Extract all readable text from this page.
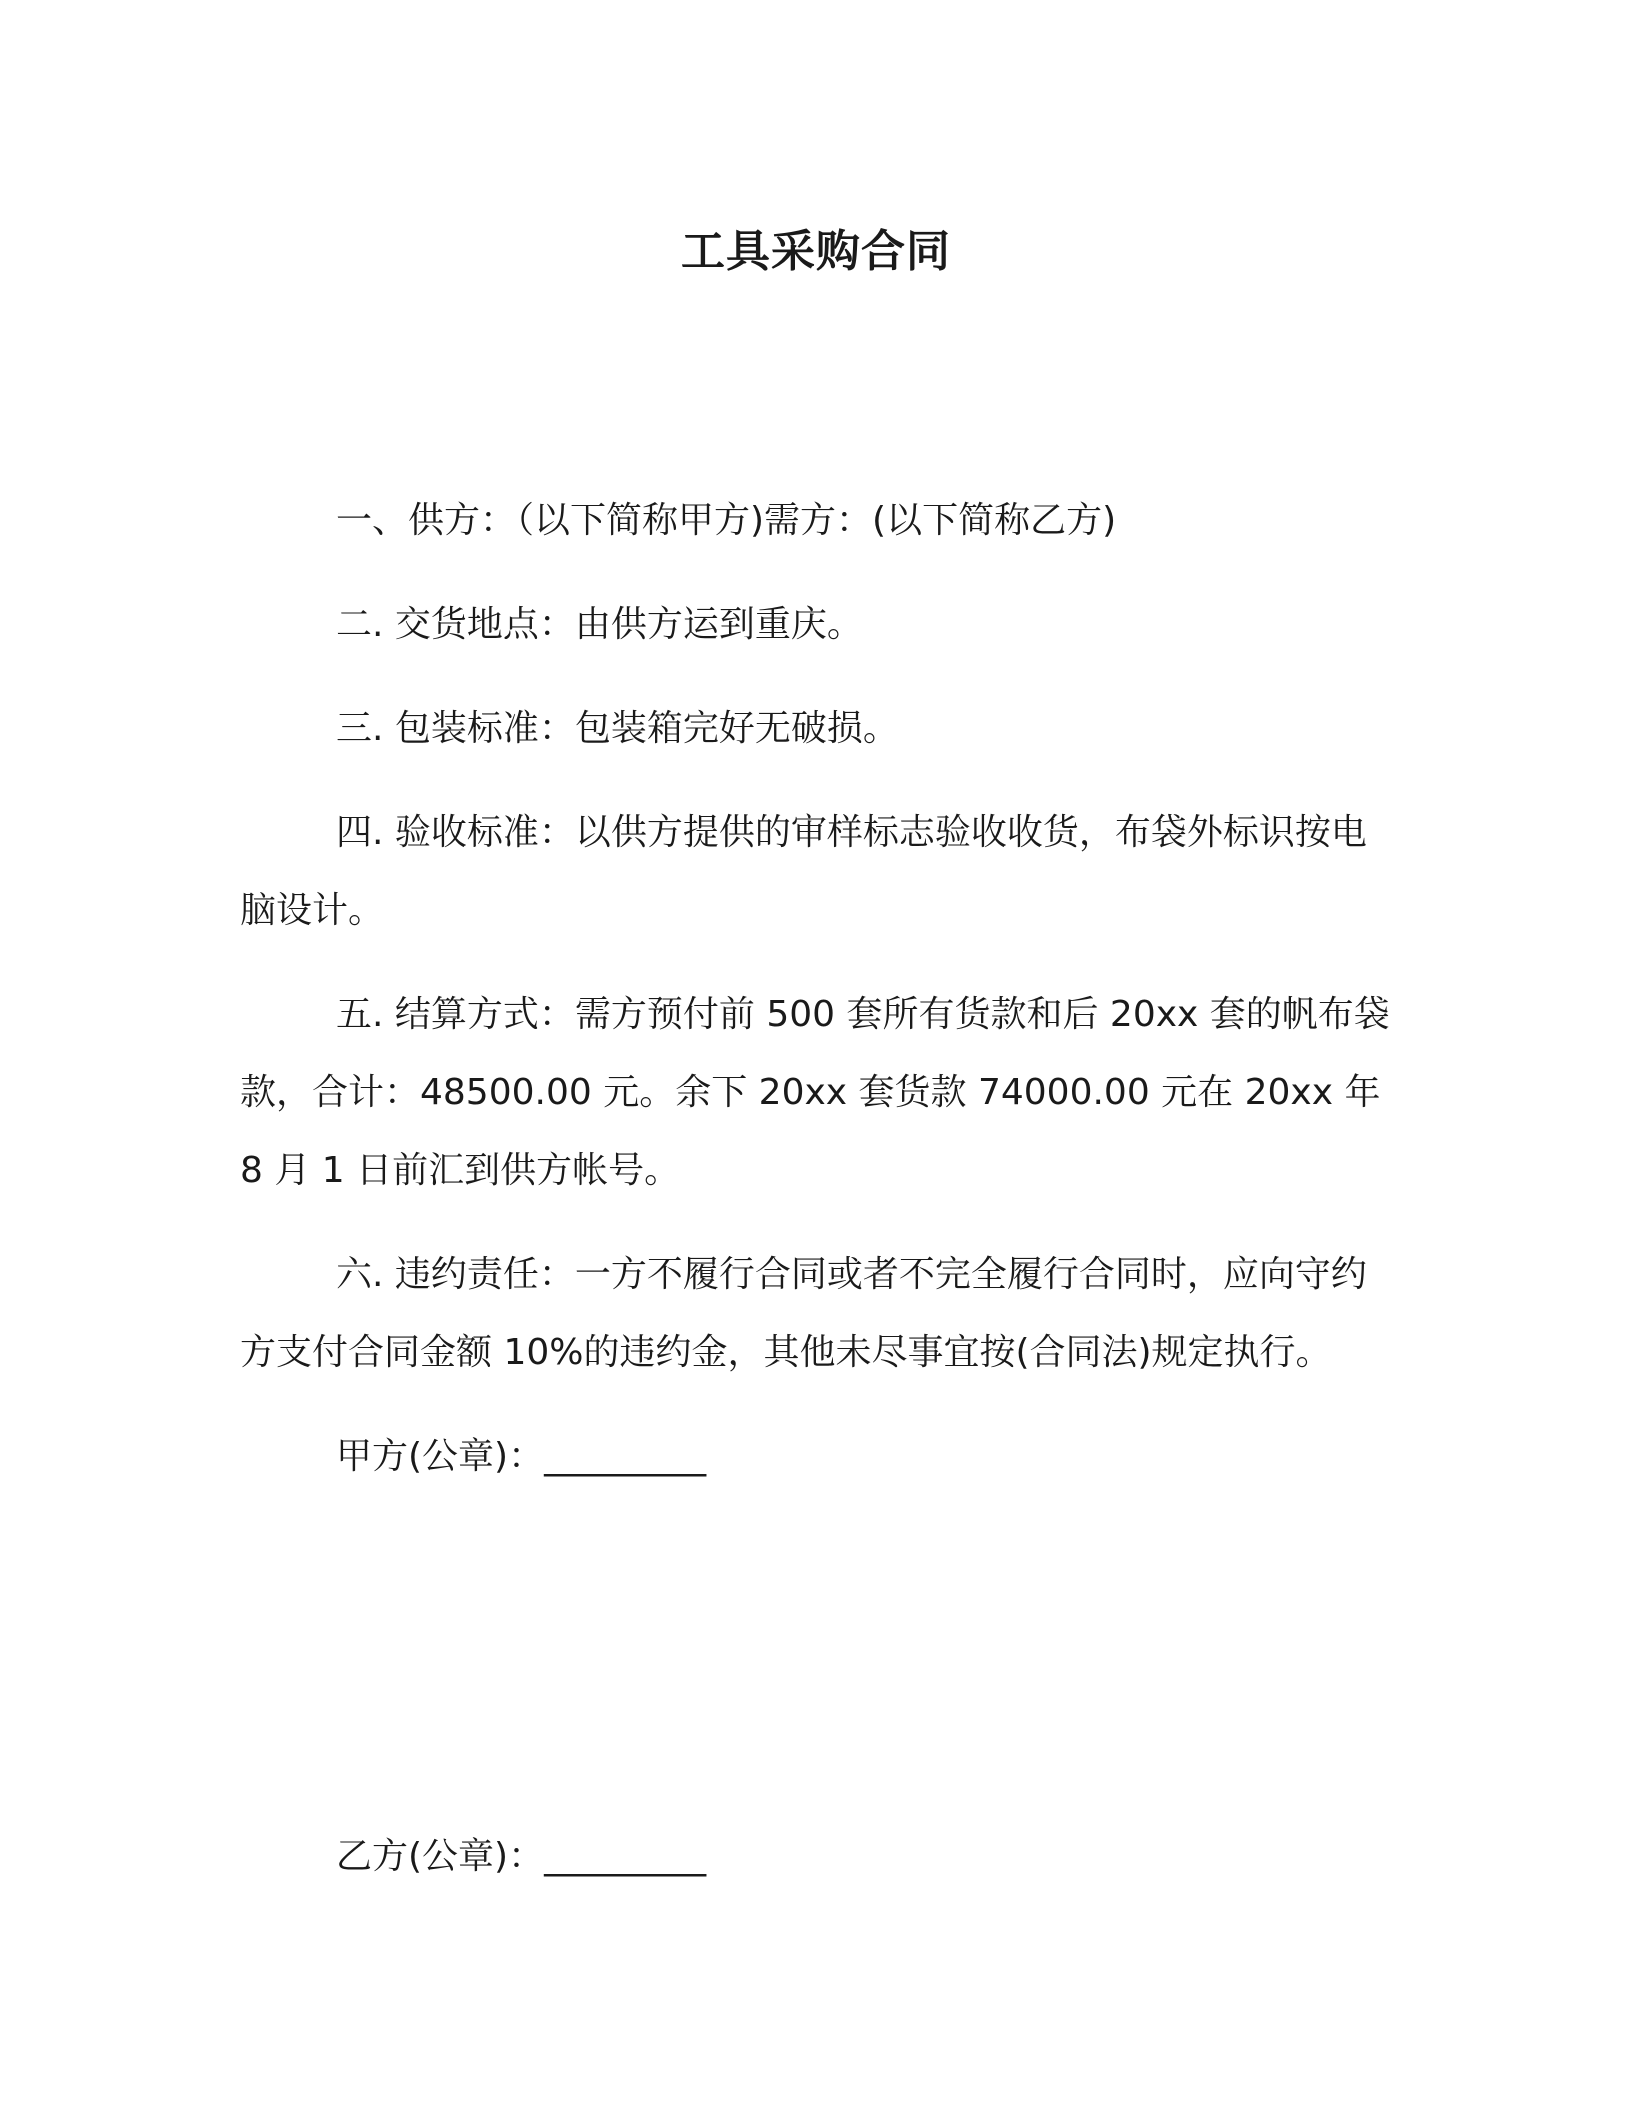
工具采购合同
一、供方：（以下简称甲方)需方：(以下简称乙方)
二. 交货地点：由供方运到重庆。
三. 包装标准：包装箱完好无破损。
四. 验收标准：以供方提供的审样标志验收收货，布袋外标识按电脑设计。
五. 结算方式：需方预付前 500 套所有货款和后 20xx 套的帆布袋款，合计：48500.00 元。余下 20xx 套货款 74000.00 元在 20xx 年 8 月 1 日前汇到供方帐号。
六. 违约责任：一方不履行合同或者不完全履行合同时，应向守约方支付合同金额 10%的违约金，其他未尽事宜按(合同法)规定执行。
甲方(公章)：_________
乙方(公章)：_________
